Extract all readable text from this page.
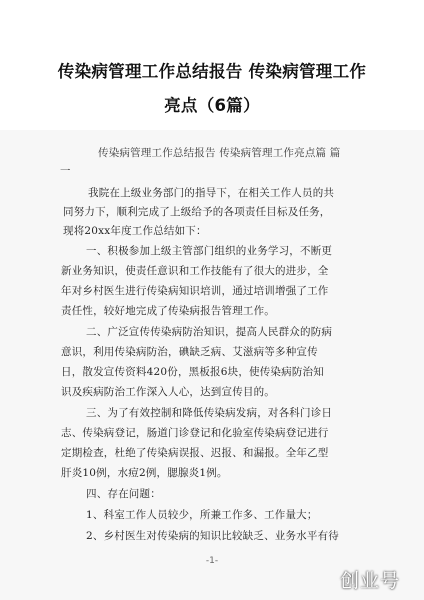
传染病管理工作总结报告 传染病管理工作
亮点（6篇）
传染病管理工作总结报告 传染病管理工作亮点篇 篇
一
我院在上级业务部门的指导下，在相关工作人员的共
同努力下，顺利完成了上级给予的各项责任目标及任务，
现将20xx年度工作总结如下：
一、积极参加上级主管部门组织的业务学习，不断更
新业务知识，使责任意识和工作技能有了很大的进步，全
年对乡村医生进行传染病知识培训，通过培训增强了工作
责任性，较好地完成了传染病报告管理工作。
二、广泛宣传传染病防治知识，提高人民群众的防病
意识，利用传染病防治，碘缺乏病、艾滋病等多种宣传
日，散发宣传资料420份，黑板报6块，使传染病防治知
识及疾病防治工作深入人心，达到宣传目的。
三、为了有效控制和降低传染病发病，对各科门诊日
志、传染病登记，肠道门诊登记和化验室传染病登记进行
定期检查，杜绝了传染病误报、迟报、和漏报。全年乙型
肝炎10例，水痘2例，腮腺炎1例。
四、存在问题：
1、科室工作人员较少，所兼工作多、工作量大；
2、乡村医生对传染病的知识比较缺乏、业务水平有待
-1-
创业号
